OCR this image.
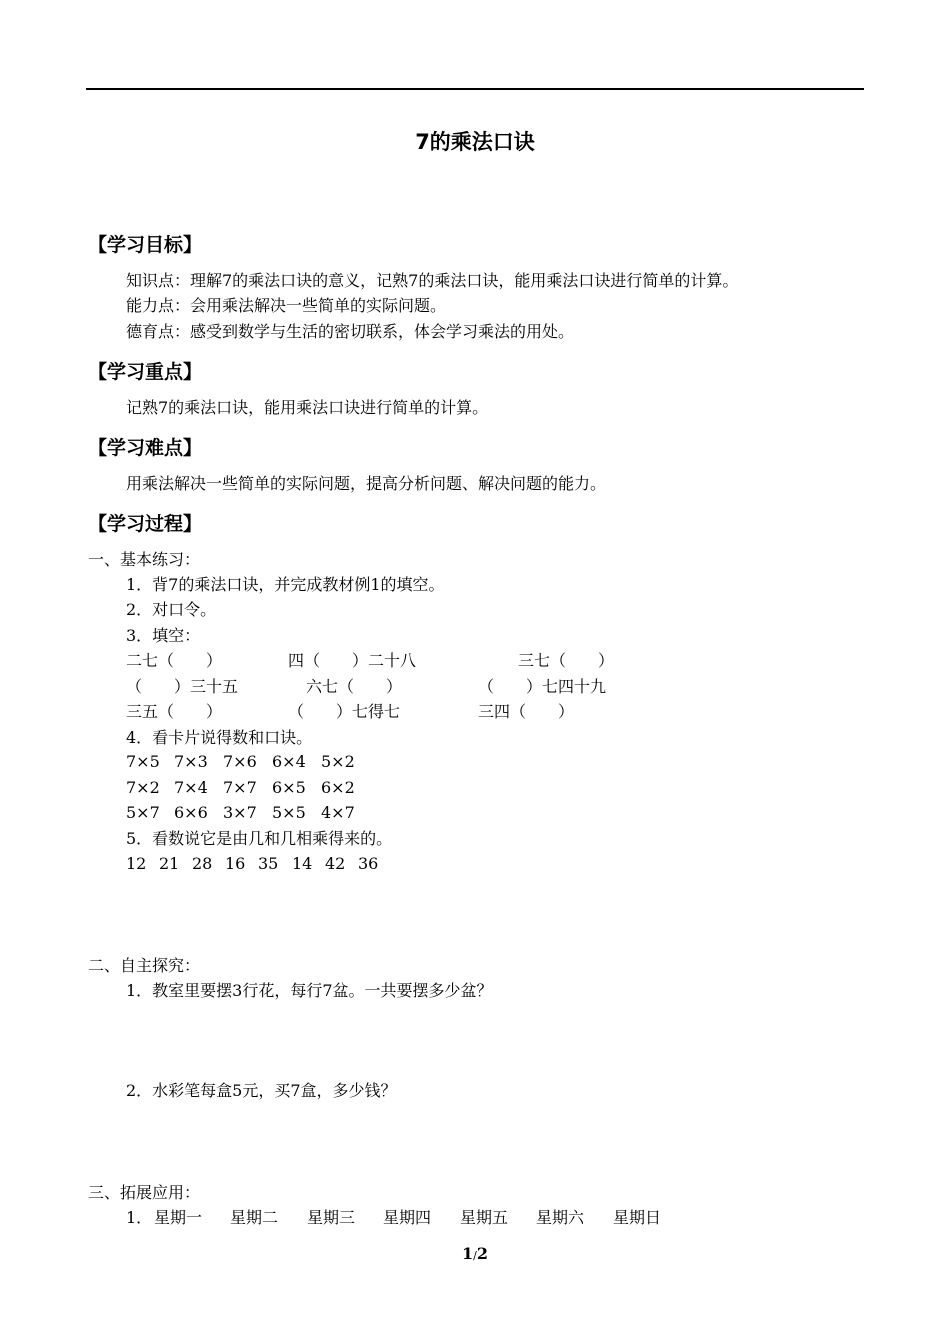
7的乘法口诀
【学习目标】
知识点：理解7的乘法口诀的意义，记熟7的乘法口诀，能用乘法口诀进行简单的计算。
能力点：会用乘法解决一些简单的实际问题。
德育点：感受到数学与生活的密切联系，体会学习乘法的用处。
【学习重点】
记熟7的乘法口诀，能用乘法口诀进行简单的计算。
【学习难点】
用乘法解决一些简单的实际问题，提高分析问题、解决问题的能力。
【学习过程】
一、基本练习：
1．背7的乘法口诀，并完成教材例1的填空。
2．对口令。
3．填空：
二七（　　）	四（　　）二十八	三七（　　）
（　　）三十五	六七（　　）	（　　）七四十九
三五（　　）	（　　）七得七	三四（　　）
4．看卡片说得数和口诀。
7×5 7×3 7×6 6×4 5×2
7×2 7×4 7×7 6×5 6×2
5×7 6×6 3×7 5×5 4×7
5．看数说它是由几和几相乘得来的。
12 21 28 16 35 14 42 36
二、自主探究：
1．教室里要摆3行花，每行7盆。一共要摆多少盆？
2．水彩笔每盒5元，买7盒，多少钱？
三、拓展应用：
1． 星期一 星期二 星期三 星期四 星期五 星期六 星期日
1/2
